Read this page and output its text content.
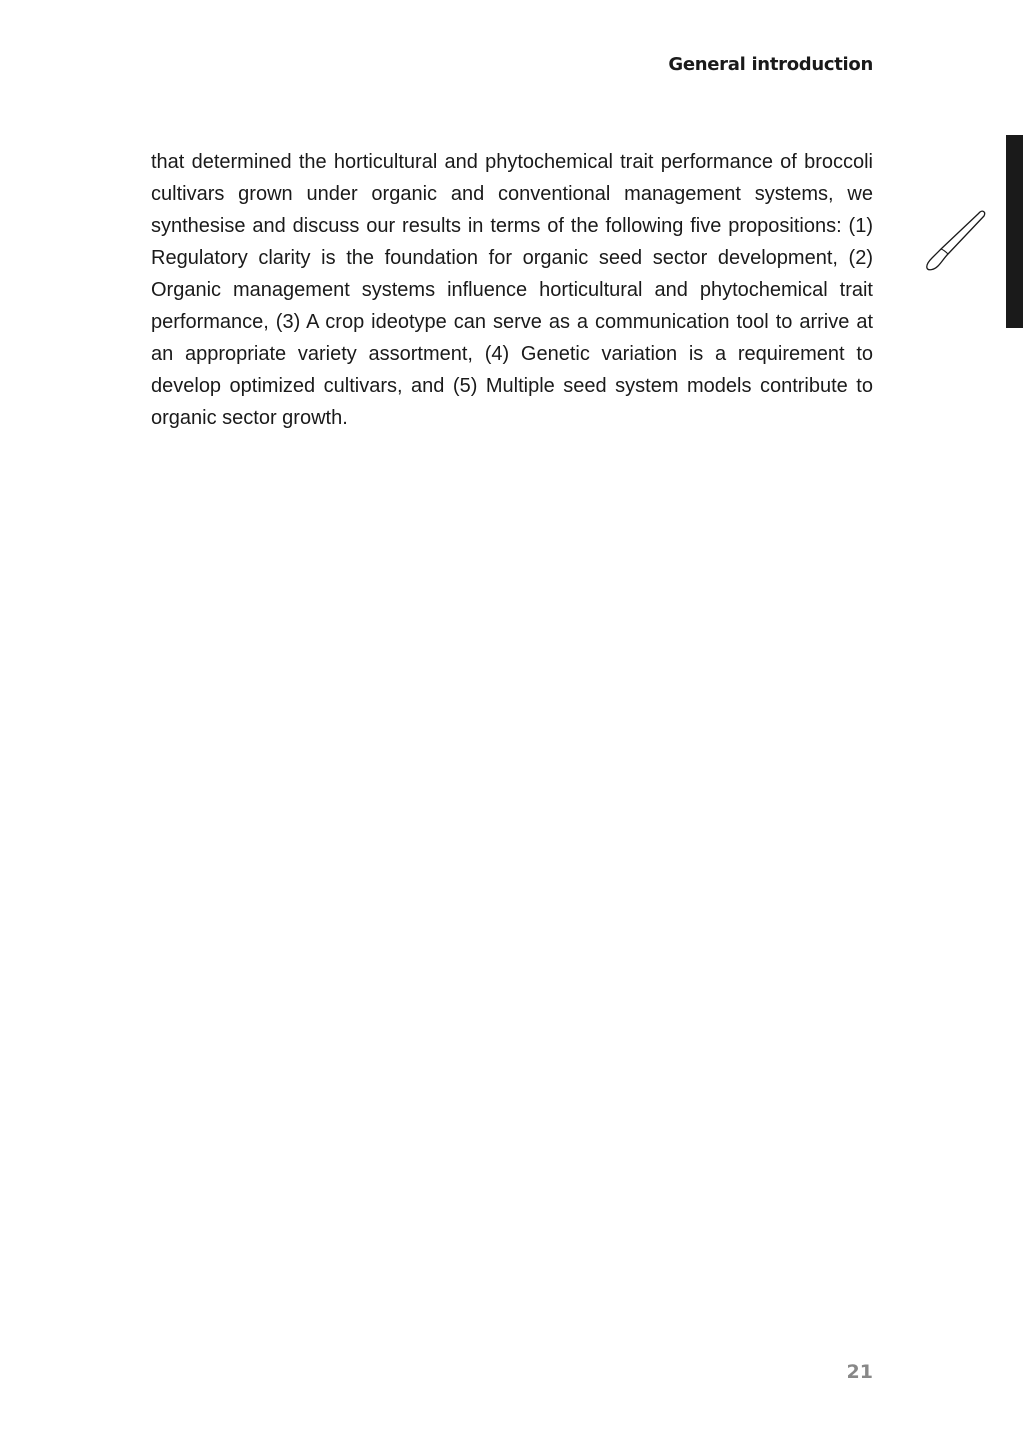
General introduction

that determined the horticultural and phytochemical trait performance of broccoli cultivars grown under organic and conventional management systems, we synthesise and discuss our results in terms of the following five propositions: (1) Regulatory clarity is the foundation for organic seed sector development, (2) Organic management systems influence horticultural and phytochemical trait performance, (3) A crop ideotype can serve as a communication tool to arrive at an appropriate variety assortment, (4) Genetic variation is a requirement to develop optimized cultivars, and (5) Multiple seed system models contribute to organic sector growth.

21
